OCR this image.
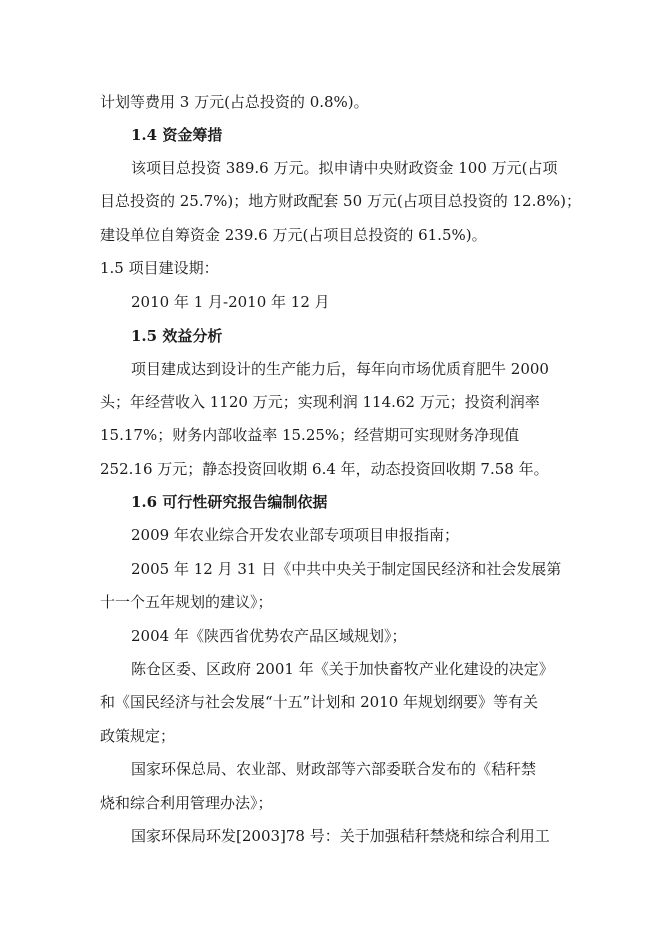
计划等费用 3 万元(占总投资的 0.8%)。
1.4 资金筹措
该项目总投资 389.6 万元。拟申请中央财政资金 100 万元(占项
目总投资的 25.7%)；地方财政配套 50 万元(占项目总投资的 12.8%)；
建设单位自筹资金 239.6 万元(占项目总投资的 61.5%)。
1.5 项目建设期：
2010 年 1 月-2010 年 12 月
1.5 效益分析
项目建成达到设计的生产能力后，每年向市场优质育肥牛 2000
头；年经营收入 1120 万元；实现利润 114.62 万元；投资利润率
15.17%；财务内部收益率 15.25%；经营期可实现财务净现值
252.16 万元；静态投资回收期 6.4 年，动态投资回收期 7.58 年。
1.6 可行性研究报告编制依据
2009 年农业综合开发农业部专项项目申报指南；
2005 年 12 月 31 日《中共中央关于制定国民经济和社会发展第
十一个五年规划的建议》；
2004 年《陕西省优势农产品区域规划》；
陈仓区委、区政府 2001 年《关于加快畜牧产业化建设的决定》
和《国民经济与社会发展“十五”计划和 2010 年规划纲要》等有关
政策规定；
国家环保总局、农业部、财政部等六部委联合发布的《秸秆禁
烧和综合利用管理办法》；
国家环保局环发[2003]78 号：关于加强秸秆禁烧和综合利用工
